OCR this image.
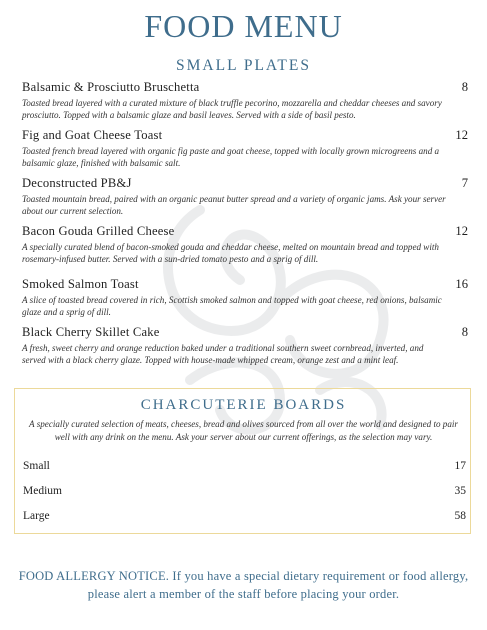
FOOD MENU
SMALL PLATES
Balsamic & Prosciutto Bruschetta	8
Toasted bread layered with a curated mixture of black truffle pecorino, mozzarella and cheddar cheeses and savory prosciutto. Topped with a balsamic glaze and basil leaves. Served with a side of basil pesto.
Fig and Goat Cheese Toast	12
Toasted french bread layered with organic fig paste and goat cheese, topped with locally grown microgreens and a balsamic glaze, finished with balsamic salt.
Deconstructed PB&J	7
Toasted mountain bread, paired with an organic peanut butter spread and a variety of organic jams. Ask your server about our current selection.
Bacon Gouda Grilled Cheese	12
A specially curated blend of bacon-smoked gouda and cheddar cheese, melted on mountain bread and topped with rosemary-infused butter. Served with a sun-dried tomato pesto and a sprig of dill.
Smoked Salmon Toast	16
A slice of toasted bread covered in rich, Scottish smoked salmon and topped with goat cheese, red onions, balsamic glaze and a sprig of dill.
Black Cherry Skillet Cake	8
A fresh, sweet cherry and orange reduction baked under a traditional southern sweet cornbread, inverted, and served with a black cherry glaze. Topped with house-made whipped cream, orange zest and a mint leaf.
CHARCUTERIE BOARDS
A specially curated selection of meats, cheeses, bread and olives sourced from all over the world and designed to pair well with any drink on the menu. Ask your server about our current offerings, as the selection may vary.
Small	17
Medium	35
Large	58
FOOD ALLERGY NOTICE. If you have a special dietary requirement or food allergy, please alert a member of the staff before placing your order.
